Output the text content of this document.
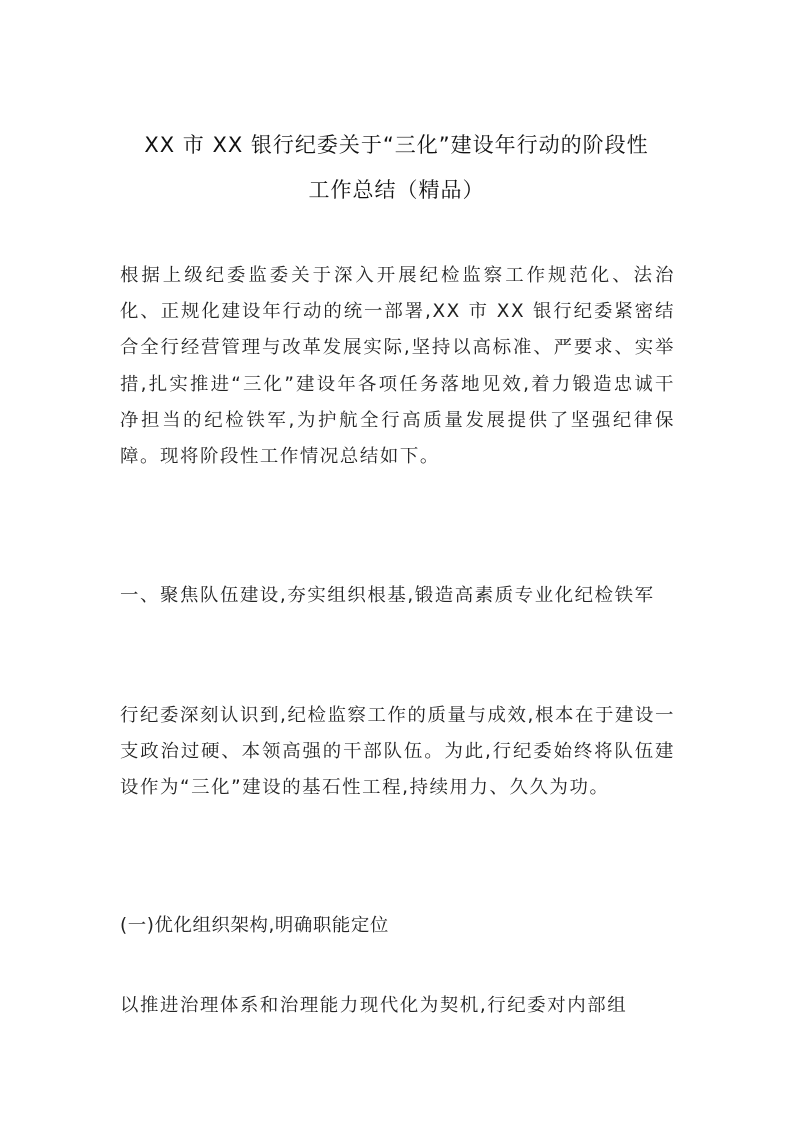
XX 市 XX 银行纪委关于“三化”建设年行动的阶段性
工作总结（精品）

根据上级纪委监委关于深入开展纪检监察工作规范化、法治化、正规化建设年行动的统一部署,XX 市 XX 银行纪委紧密结合全行经营管理与改革发展实际,坚持以高标准、严要求、实举措,扎实推进“三化”建设年各项任务落地见效,着力锻造忠诚干净担当的纪检铁军,为护航全行高质量发展提供了坚强纪律保障。现将阶段性工作情况总结如下。

一、聚焦队伍建设,夯实组织根基,锻造高素质专业化纪检铁军

行纪委深刻认识到,纪检监察工作的质量与成效,根本在于建设一支政治过硬、本领高强的干部队伍。为此,行纪委始终将队伍建设作为“三化”建设的基石性工程,持续用力、久久为功。

(一)优化组织架构,明确职能定位

以推进治理体系和治理能力现代化为契机,行纪委对内部组
